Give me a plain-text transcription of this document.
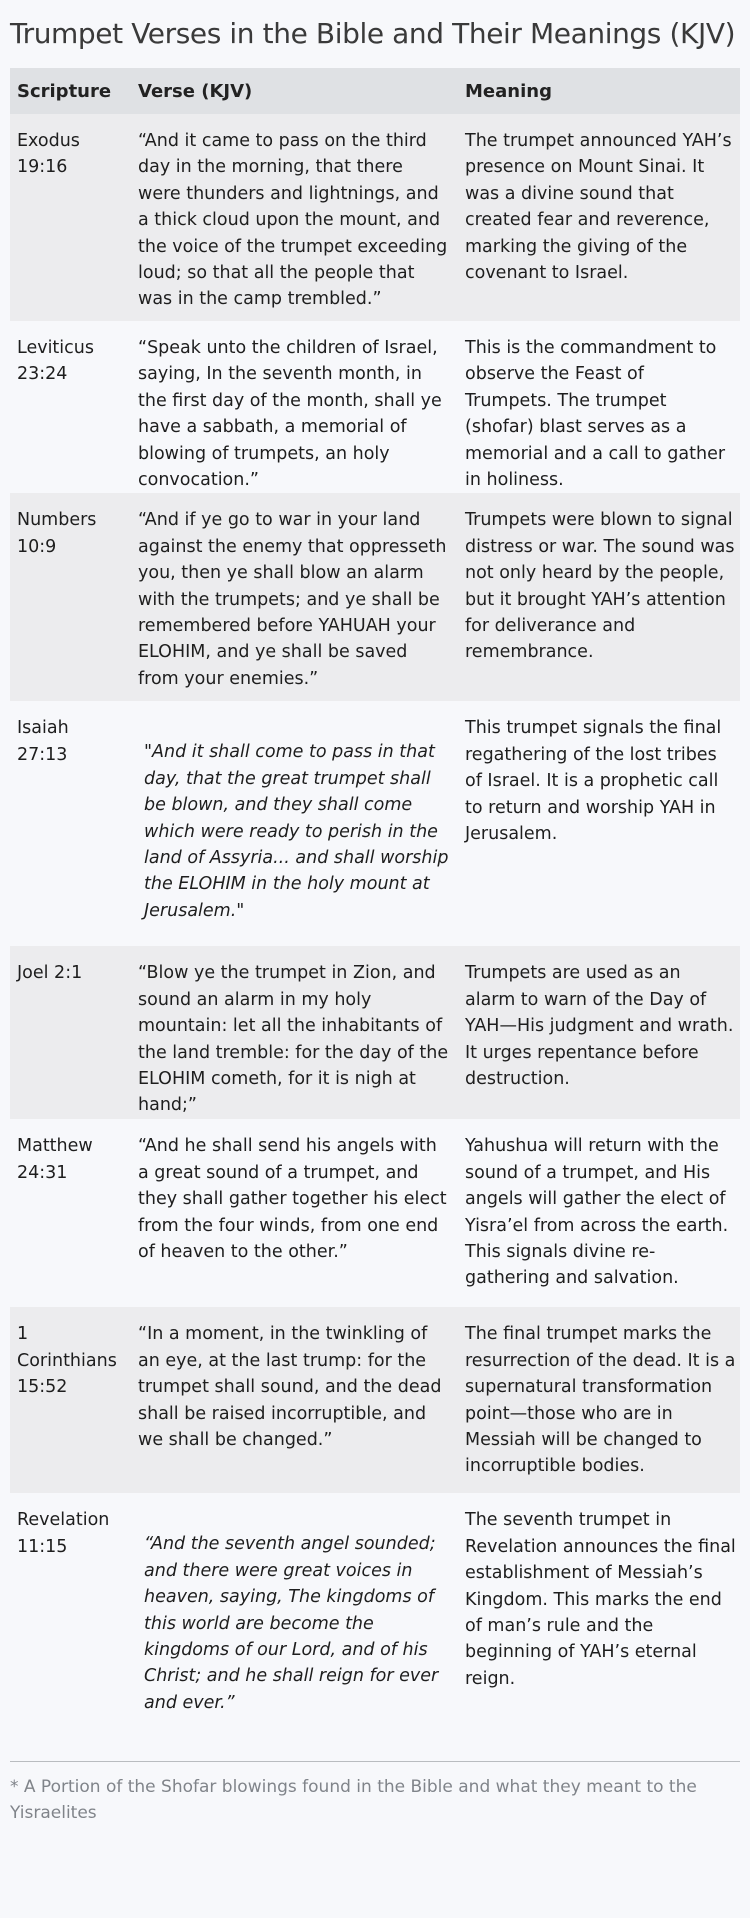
Trumpet Verses in the Bible and Their Meanings (KJV)
Scripture	Verse (KJV)	Meaning
Exodus 19:16	“And it came to pass on the third day in the morning, that there were thunders and lightnings, and a thick cloud upon the mount, and the voice of the trumpet exceeding loud; so that all the people that was in the camp trembled.”	The trumpet announced YAH’s presence on Mount Sinai. It was a divine sound that created fear and reverence, marking the giving of the covenant to Israel.
Leviticus 23:24	“Speak unto the children of Israel, saying, In the seventh month, in the first day of the month, shall ye have a sabbath, a memorial of blowing of trumpets, an holy convocation.”	This is the commandment to observe the Feast of Trumpets. The trumpet (shofar) blast serves as a memorial and a call to gather in holiness.
Numbers 10:9	“And if ye go to war in your land against the enemy that oppresseth you, then ye shall blow an alarm with the trumpets; and ye shall be remembered before YAHUAH your ELOHIM, and ye shall be saved from your enemies.”	Trumpets were blown to signal distress or war. The sound was not only heard by the people, but it brought YAH’s attention for deliverance and remembrance.
Isaiah 27:13	"And it shall come to pass in that day, that the great trumpet shall be blown, and they shall come which were ready to perish in the land of Assyria... and shall worship the ELOHIM in the holy mount at Jerusalem."	This trumpet signals the final regathering of the lost tribes of Israel. It is a prophetic call to return and worship YAH in Jerusalem.
Joel 2:1	“Blow ye the trumpet in Zion, and sound an alarm in my holy mountain: let all the inhabitants of the land tremble: for the day of the ELOHIM cometh, for it is nigh at hand;”	Trumpets are used as an alarm to warn of the Day of YAH—His judgment and wrath. It urges repentance before destruction.
Matthew 24:31	“And he shall send his angels with a great sound of a trumpet, and they shall gather together his elect from the four winds, from one end of heaven to the other.”	Yahushua will return with the sound of a trumpet, and His angels will gather the elect of Yisra’el from across the earth. This signals divine re-gathering and salvation.
1 Corinthians 15:52	“In a moment, in the twinkling of an eye, at the last trump: for the trumpet shall sound, and the dead shall be raised incorruptible, and we shall be changed.”	The final trumpet marks the resurrection of the dead. It is a supernatural transformation point—those who are in Messiah will be changed to incorruptible bodies.
Revelation 11:15	“And the seventh angel sounded; and there were great voices in heaven, saying, The kingdoms of this world are become the kingdoms of our Lord, and of his Christ; and he shall reign for ever and ever.”	The seventh trumpet in Revelation announces the final establishment of Messiah’s Kingdom. This marks the end of man’s rule and the beginning of YAH’s eternal reign.
* A Portion of the Shofar blowings found in the Bible and what they meant to the Yisraelites
